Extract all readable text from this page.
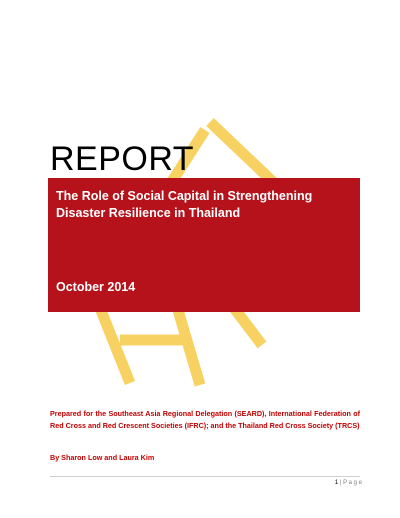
REPORT
The Role of Social Capital in Strengthening Disaster Resilience in Thailand
October 2014
Prepared for the Southeast Asia Regional Delegation (SEARD), International Federation of Red Cross and Red Crescent Societies (IFRC); and the Thailand Red Cross Society (TRCS)
By Sharon Low and Laura Kim
1 | P a g e
